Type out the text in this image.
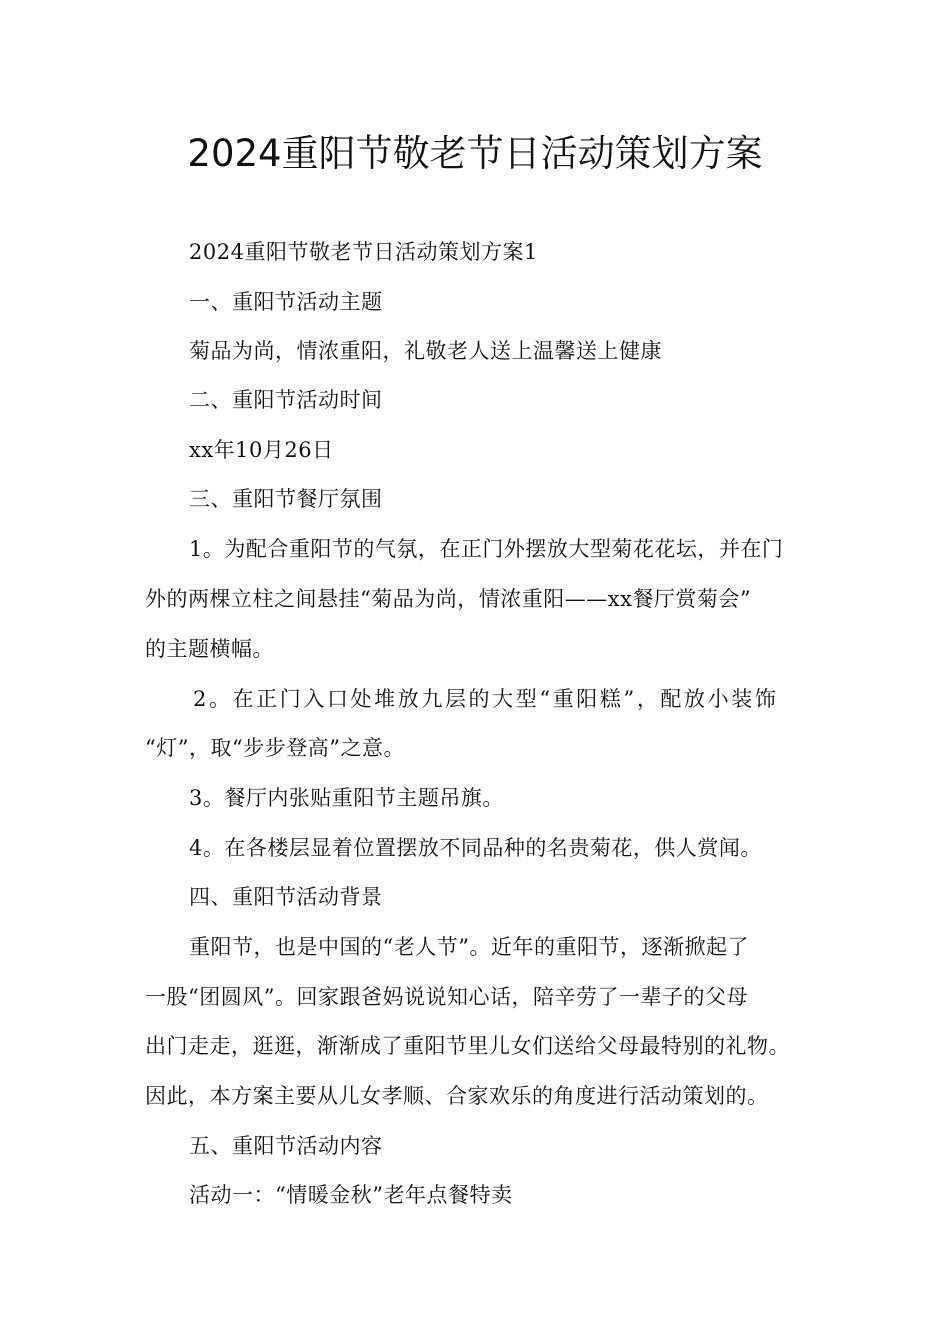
2024重阳节敬老节日活动策划方案
2024重阳节敬老节日活动策划方案1
一、重阳节活动主题
菊品为尚，情浓重阳，礼敬老人送上温馨送上健康
二、重阳节活动时间
xx年10月26日
三、重阳节餐厅氛围
1。为配合重阳节的气氛，在正门外摆放大型菊花花坛，并在门
外的两棵立柱之间悬挂“菊品为尚，情浓重阳——xx餐厅赏菊会”
的主题横幅。
2。在正门入口处堆放九层的大型“重阳糕”，配放小装饰
“灯”，取“步步登高”之意。
3。餐厅内张贴重阳节主题吊旗。
4。在各楼层显着位置摆放不同品种的名贵菊花，供人赏闻。
四、重阳节活动背景
重阳节，也是中国的“老人节”。近年的重阳节，逐渐掀起了
一股“团圆风”。回家跟爸妈说说知心话，陪辛劳了一辈子的父母
出门走走，逛逛，渐渐成了重阳节里儿女们送给父母最特别的礼物。
因此，本方案主要从儿女孝顺、合家欢乐的角度进行活动策划的。
五、重阳节活动内容
活动一：“情暖金秋”老年点餐特卖
